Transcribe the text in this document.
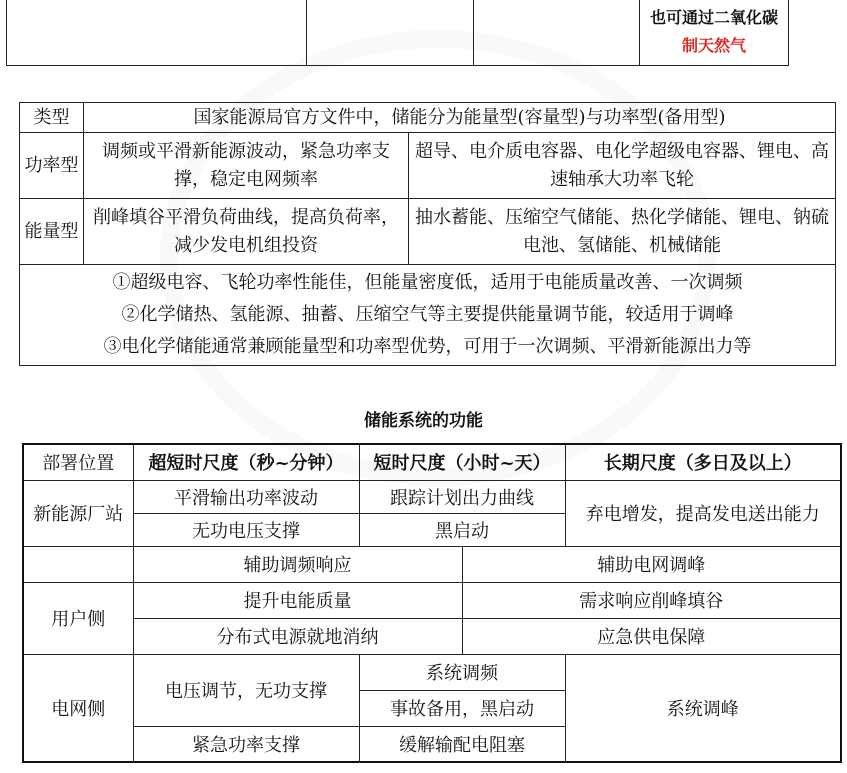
			也可通过二氧化碳制天然气
类型	国家能源局官方文件中，储能分为能量型(容量型)与功率型(备用型)	
功率型	调频或平滑新能源波动，紧急功率支撑，稳定电网频率	超导、电介质电容器、电化学超级电容器、锂电、高速轴承大功率飞轮
能量型	削峰填谷平滑负荷曲线，提高负荷率，减少发电机组投资	抽水蓄能、压缩空气储能、热化学储能、锂电、钠硫电池、氢储能、机械储能

①超级电容、飞轮功率性能佳，但能量密度低，适用于电能质量改善、一次调频
②化学储热、氢能源、抽蓄、压缩空气等主要提供能量调节能，较适用于调峰
③电化学储能通常兼顾能量型和功率型优势，可用于一次调频、平滑新能源出力等		
储能系统的功能
部署位置	超短时尺度（秒~分钟）	短时尺度（小时~天）		长期尺度（多日及以上）
新能源厂站	平滑输出功率波动	跟踪计划出力曲线		弃电增发，提高发电送出能力
	无功电压支撑	黑启动		
	辅助调频响应		辅助电网调峰	
用户侧	提升电能质量		需求响应削峰填谷	
	分布式电源就地消纳		应急供电保障	
电网侧	电压调节，无功支撑	系统调频		系统调峰
		事故备用，黑启动		
	紧急功率支撑	缓解输配电阻塞		
